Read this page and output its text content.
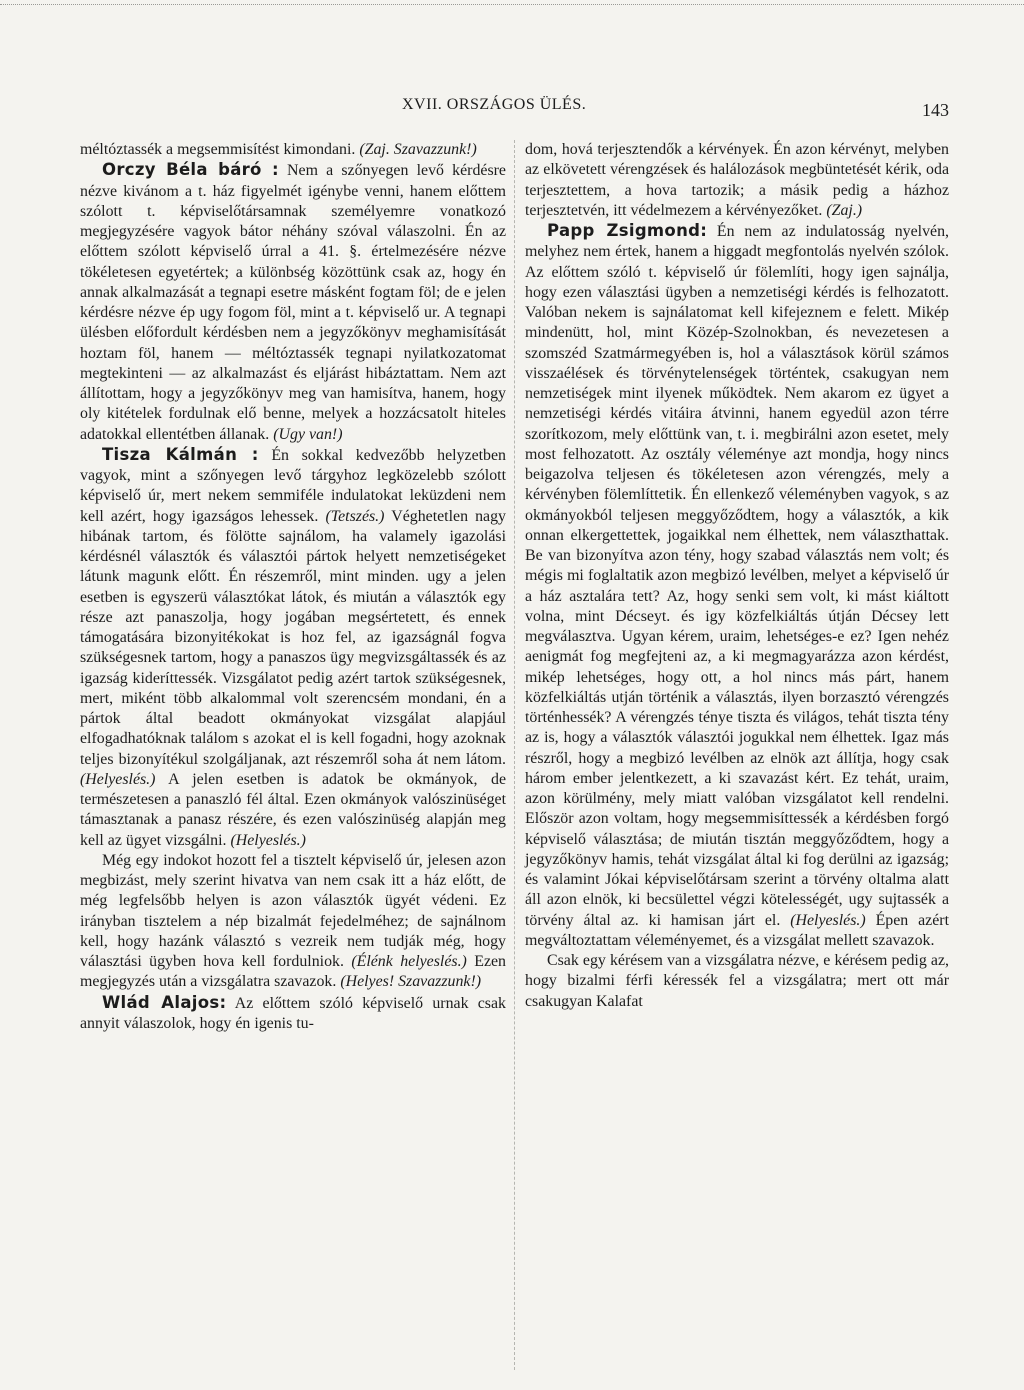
XVII. ORSZÁGOS ÜLÉS.	143

méltóztassék a megsemmisítést kimondani. (Zaj. Szavazzunk!)

Orczy Béla báró : Nem a szőnyegen levő kérdésre nézve kivánom a t. ház figyelmét igénybe venni, hanem előttem szólott t. képviselőtársamnak személyemre vonatkozó megjegyzésére vagyok bátor néhány szóval válaszolni. Én az előttem szólott képviselő úrral a 41. §. értelmezésére nézve tökéletesen egyetértek; a különbség közöttünk csak az, hogy én annak alkalmazását a tegnapi esetre másként fogtam föl; de e jelen kérdésre nézve ép ugy fogom föl, mint a t. képviselő ur. A tegnapi ülésben előfordult kérdésben nem a jegyzőkönyv meghamisítását hoztam föl, hanem — méltóztassék tegnapi nyilatkozatomat megtekinteni — az alkalmazást és eljárást hibáztattam. Nem azt állítottam, hogy a jegyzőkönyv meg van hamisítva, hanem, hogy oly kitételek fordulnak elő benne, melyek a hozzácsatolt hiteles adatokkal ellentétben állanak. (Ugy van!)

Tisza Kálmán : Én sokkal kedvezőbb helyzetben vagyok, mint a szőnyegen levő tárgyhoz legközelebb szólott képviselő úr, mert nekem semmiféle indulatokat leküzdeni nem kell azért, hogy igazságos lehessek. (Tetszés.) Véghetetlen nagy hibának tartom, és fölötte sajnálom, ha valamely igazolási kérdésnél választók és választói pártok helyett nemzetiségeket látunk magunk előtt. Én részemről, mint minden. ugy a jelen esetben is egyszerü választókat látok, és miután a választók egy része azt panaszolja, hogy jogában megsértetett, és ennek támogatására bizonyitékokat is hoz fel, az igazságnál fogva szükségesnek tartom, hogy a panaszos ügy megvizsgáltassék és az igazság kideríttessék. Vizsgálatot pedig azért tartok szükségesnek, mert, miként több alkalommal volt szerencsém mondani, én a pártok által beadott okmányokat vizsgálat alapjául elfogadhatóknak találom s azokat el is kell fogadni, hogy azoknak teljes bizonyítékul szolgáljanak, azt részemről soha át nem látom. (Helyeslés.) A jelen esetben is adatok be okmányok, de természetesen a panaszló fél által. Ezen okmányok valószinüséget támasztanak a panasz részére, és ezen valószinüség alapján meg kell az ügyet vizsgálni. (Helyeslés.)

Még egy indokot hozott fel a tisztelt képviselő úr, jelesen azon megbizást, mely szerint hivatva van nem csak itt a ház előtt, de még legfelsőbb helyen is azon választók ügyét védeni. Ez irányban tisztelem a nép bizalmát fejedelméhez; de sajnálnom kell, hogy hazánk választó s vezreik nem tudják még, hogy választási ügyben hova kell fordulniok. (Élénk helyeslés.) Ezen megjegyzés után a vizsgálatra szavazok. (Helyes! Szavazzunk!)

Wlád Alajos: Az előttem szóló képviselő urnak csak annyit válaszolok, hogy én igenis tu-

dom, hová terjesztendők a kérvények. Én azon kérvényt, melyben az elkövetett vérengzések és halálozások megbüntetését kérik, oda terjesztettem, a hova tartozik; a másik pedig a házhoz terjesztetvén, itt védelmezem a kérvényezőket. (Zaj.)

Papp Zsigmond: Én nem az indulatosság nyelvén, melyhez nem értek, hanem a higgadt megfontolás nyelvén szólok. Az előttem szóló t. képviselő úr fölemlíti, hogy igen sajnálja, hogy ezen választási ügyben a nemzetiségi kérdés is felhozatott. Valóban nekem is sajnálatomat kell kifejeznem e felett. Mikép mindenütt, hol, mint Közép-Szolnokban, és nevezetesen a szomszéd Szatmármegyében is, hol a választások körül számos visszaélések és törvénytelenségek történtek, csakugyan nem nemzetiségek mint ilyenek működtek. Nem akarom ez ügyet a nemzetiségi kérdés vitáira átvinni, hanem egyedül azon térre szorítkozom, mely előttünk van, t. i. megbirálni azon esetet, mely most felhozatott. Az osztály véleménye azt mondja, hogy nincs beigazolva teljesen és tökéletesen azon vérengzés, mely a kérvényben fölemlíttetik. Én ellenkező véleményben vagyok, s az okmányokból teljesen meggyőződtem, hogy a választók, a kik onnan elkergettettek, jogaikkal nem élhettek, nem választhattak. Be van bizonyítva azon tény, hogy szabad választás nem volt; és mégis mi foglaltatik azon megbizó levélben, melyet a képviselő úr a ház asztalára tett? Az, hogy senki sem volt, ki mást kiáltott volna, mint Décseyt. és igy közfelkiáltás útján Décsey lett megválasztva. Ugyan kérem, uraim, lehetséges-e ez? Igen nehéz aenigmát fog megfejteni az, a ki megmagyarázza azon kérdést, mikép lehetséges, hogy ott, a hol nincs más párt, hanem közfelkiáltás utján történik a választás, ilyen borzasztó vérengzés történhessék? A vérengzés ténye tiszta és világos, tehát tiszta tény az is, hogy a választók választói jogukkal nem élhettek. Igaz más részről, hogy a megbizó levélben az elnök azt állítja, hogy csak három ember jelentkezett, a ki szavazást kért. Ez tehát, uraim, azon körülmény, mely miatt valóban vizsgálatot kell rendelni. Először azon voltam, hogy megsemmisíttessék a kérdésben forgó képviselő választása; de miután tisztán meggyőződtem, hogy a jegyzőkönyv hamis, tehát vizsgálat által ki fog derülni az igazság; és valamint Jókai képviselőtársam szerint a törvény oltalma alatt áll azon elnök, ki becsülettel végzi kötelességét, ugy sujtassék a törvény által az. ki hamisan járt el. (Helyeslés.) Épen azért megváltoztattam véleményemet, és a vizsgálat mellett szavazok.

Csak egy kérésem van a vizsgálatra nézve, e kérésem pedig az, hogy bizalmi férfi kéressék fel a vizsgálatra; mert ott már csakugyan Kalafat
